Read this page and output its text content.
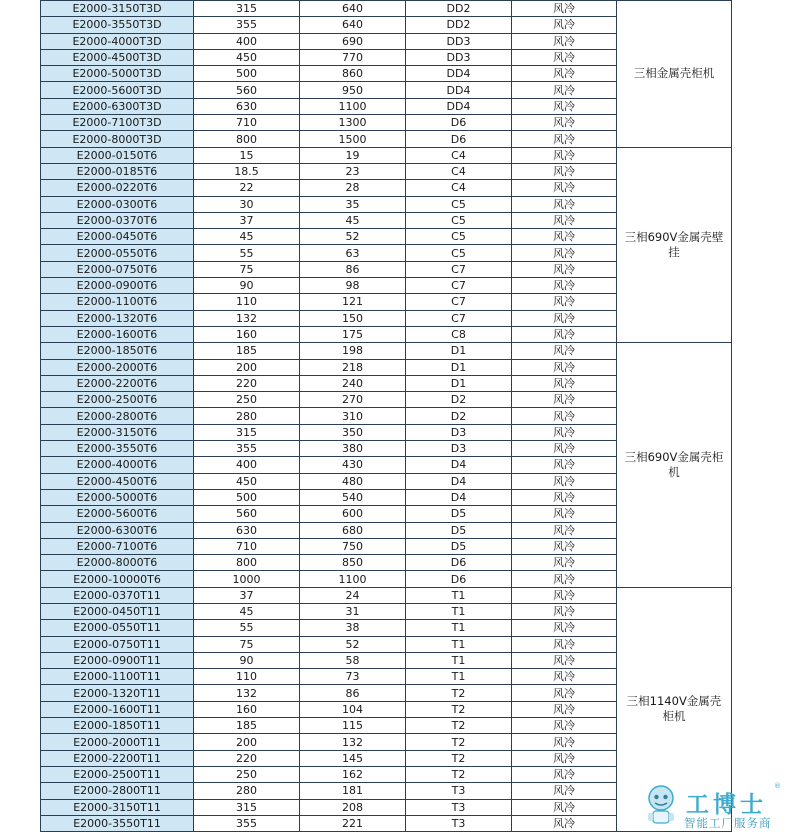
E2000-3150T3D	315	640	DD2	风冷	三相金属壳柜机
E2000-3550T3D	355	640	DD2	风冷	
E2000-4000T3D	400	690	DD3	风冷	
E2000-4500T3D	450	770	DD3	风冷	
E2000-5000T3D	500	860	DD4	风冷	
E2000-5600T3D	560	950	DD4	风冷	
E2000-6300T3D	630	1100	DD4	风冷	
E2000-7100T3D	710	1300	D6	风冷	
E2000-8000T3D	800	1500	D6	风冷	
E2000-0150T6	15	19	C4	风冷	三相690V金属壳壁挂
E2000-0185T6	18.5	23	C4	风冷	
E2000-0220T6	22	28	C4	风冷	
E2000-0300T6	30	35	C5	风冷	
E2000-0370T6	37	45	C5	风冷	
E2000-0450T6	45	52	C5	风冷	
E2000-0550T6	55	63	C5	风冷	
E2000-0750T6	75	86	C7	风冷	
E2000-0900T6	90	98	C7	风冷	
E2000-1100T6	110	121	C7	风冷	
E2000-1320T6	132	150	C7	风冷	
E2000-1600T6	160	175	C8	风冷	
E2000-1850T6	185	198	D1	风冷	三相690V金属壳柜机
E2000-2000T6	200	218	D1	风冷	
E2000-2200T6	220	240	D1	风冷	
E2000-2500T6	250	270	D2	风冷	
E2000-2800T6	280	310	D2	风冷	
E2000-3150T6	315	350	D3	风冷	
E2000-3550T6	355	380	D3	风冷	
E2000-4000T6	400	430	D4	风冷	
E2000-4500T6	450	480	D4	风冷	
E2000-5000T6	500	540	D4	风冷	
E2000-5600T6	560	600	D5	风冷	
E2000-6300T6	630	680	D5	风冷	
E2000-7100T6	710	750	D5	风冷	
E2000-8000T6	800	850	D6	风冷	
E2000-10000T6	1000	1100	D6	风冷	
E2000-0370T11	37	24	T1	风冷	三相1140V金属壳柜机
E2000-0450T11	45	31	T1	风冷	
E2000-0550T11	55	38	T1	风冷	
E2000-0750T11	75	52	T1	风冷	
E2000-0900T11	90	58	T1	风冷	
E2000-1100T11	110	73	T1	风冷	
E2000-1320T11	132	86	T2	风冷	
E2000-1600T11	160	104	T2	风冷	
E2000-1850T11	185	115	T2	风冷	
E2000-2000T11	200	132	T2	风冷	
E2000-2200T11	220	145	T2	风冷	
E2000-2500T11	250	162	T2	风冷	
E2000-2800T11	280	181	T3	风冷	
E2000-3150T11	315	208	T3	风冷	
E2000-3550T11	355	221	T3	风冷	
工博士
®
智能工厂服务商
